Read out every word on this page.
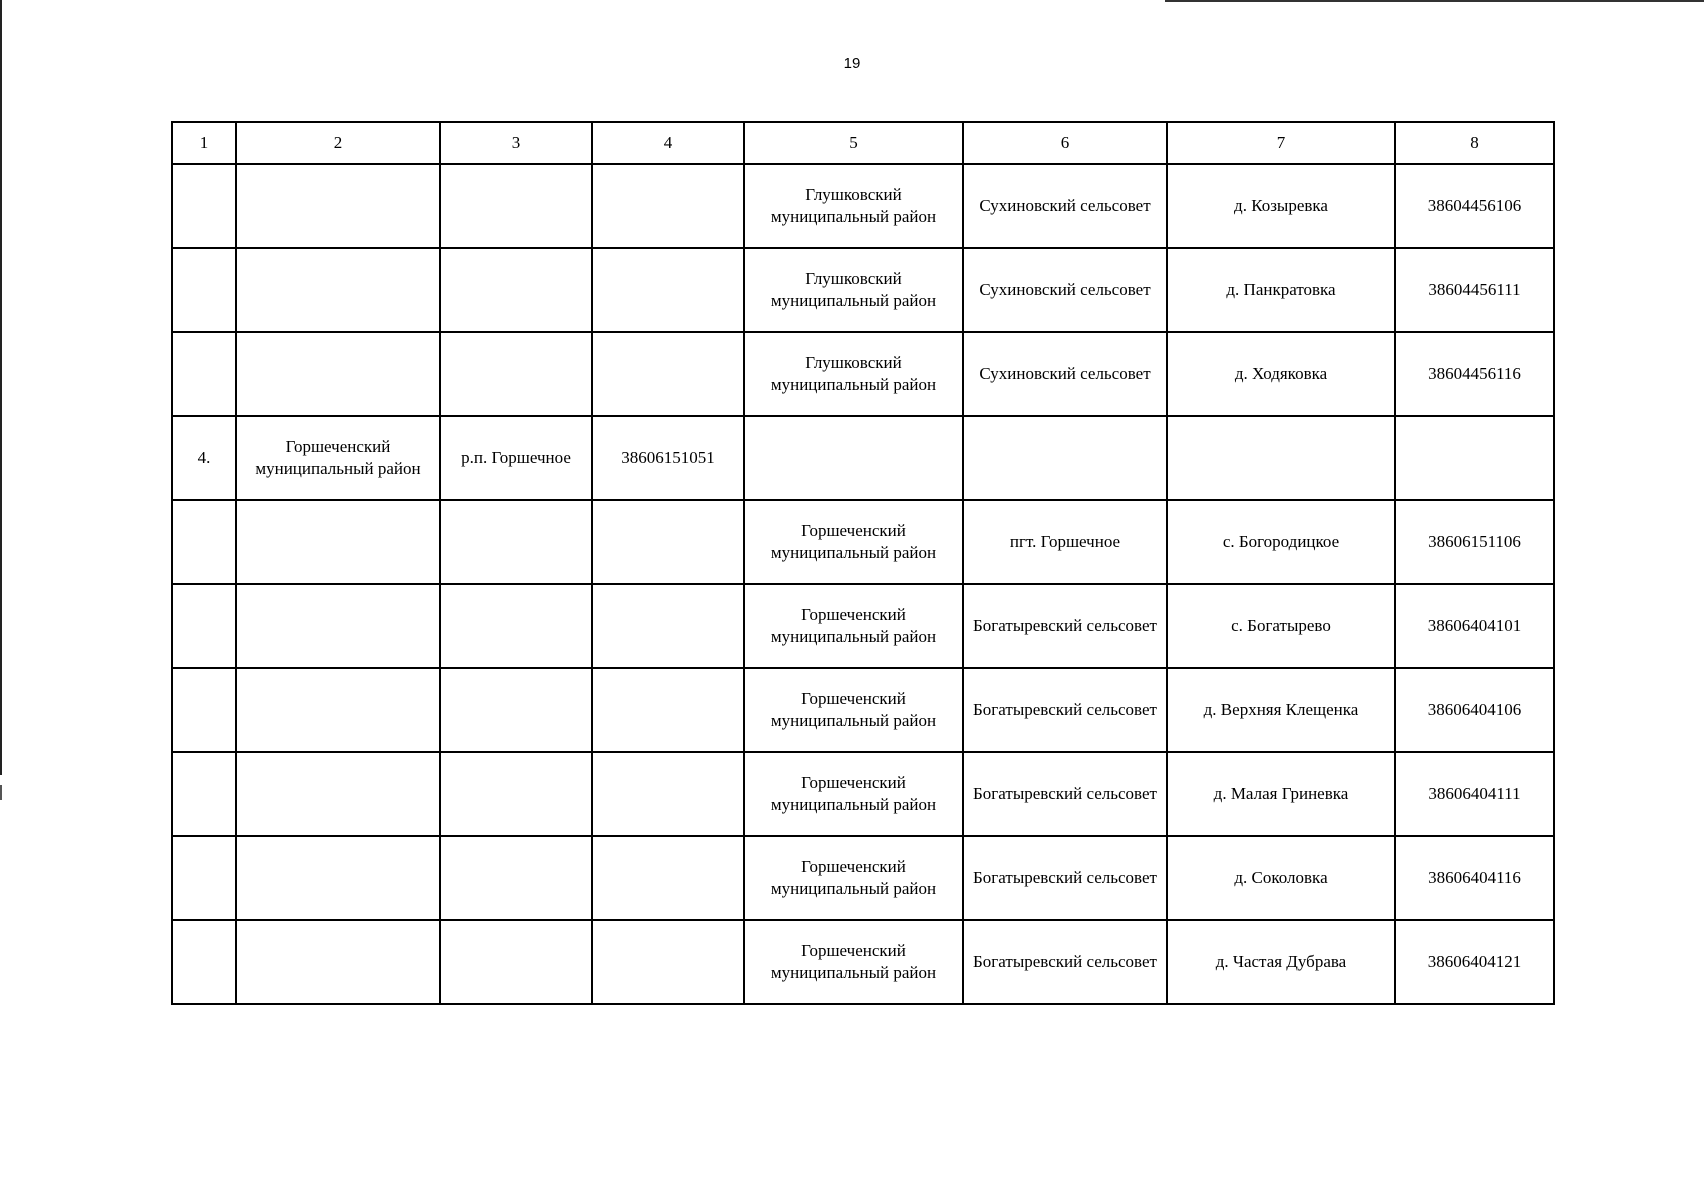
19
1	2	3	4	5	6	7	8
				Глушковский муниципальный район	Сухиновский сельсовет	д. Козыревка	38604456106
				Глушковский муниципальный район	Сухиновский сельсовет	д. Панкратовка	38604456111
				Глушковский муниципальный район	Сухиновский сельсовет	д. Ходяковка	38604456116
4.	Горшеченский муниципальный район	р.п. Горшечное	38606151051				
				Горшеченский муниципальный район	пгт. Горшечное	с. Богородицкое	38606151106
				Горшеченский муниципальный район	Богатыревский сельсовет	с. Богатырево	38606404101
				Горшеченский муниципальный район	Богатыревский сельсовет	д. Верхняя Клещенка	38606404106
				Горшеченский муниципальный район	Богатыревский сельсовет	д. Малая Гриневка	38606404111
				Горшеченский муниципальный район	Богатыревский сельсовет	д. Соколовка	38606404116
				Горшеченский муниципальный район	Богатыревский сельсовет	д. Частая Дубрава	38606404121
